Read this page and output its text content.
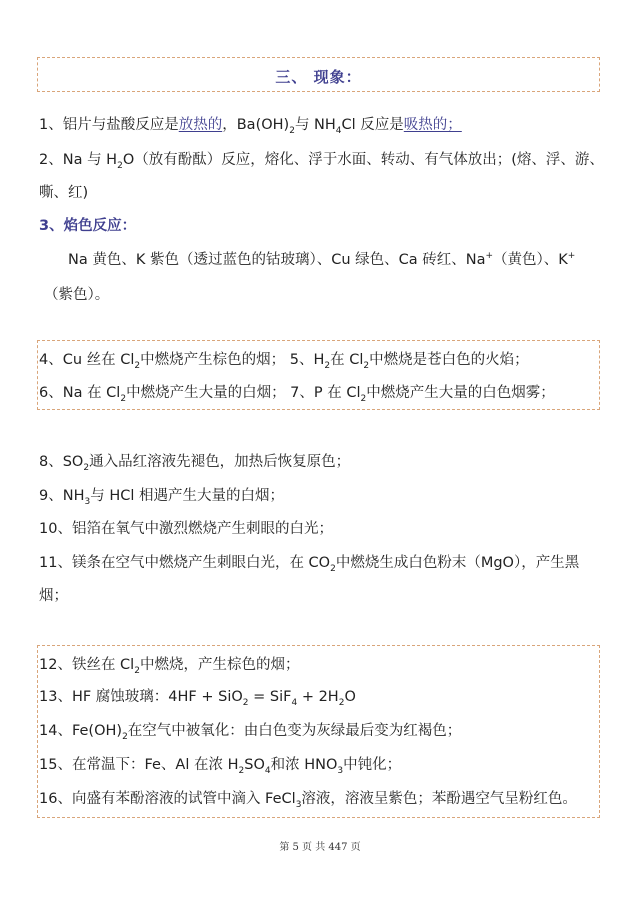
三、 现象：
1、铝片与盐酸反应是放热的，$Ba(OH)_2$与 $NH_4Cl$ 反应是吸热的；
2、Na 与 $H_2O$（放有酚酞）反应，熔化、浮于水面、转动、有气体放出；(熔、浮、游、
嘶、红)
3、焰色反应：
Na 黄色、K 紫色（透过蓝色的钴玻璃）、Cu 绿色、Ca 砖红、Na+（黄色）、K+
（紫色）。
4、Cu 丝在 $Cl_2$中燃烧产生棕色的烟； 5、$H_2$在 $Cl_2$中燃烧是苍白色的火焰；
6、Na 在 $Cl_2$中燃烧产生大量的白烟； 7、P 在 $Cl_2$中燃烧产生大量的白色烟雾；
8、$SO_2$通入品红溶液先褪色，加热后恢复原色；
9、$NH_3$与 HCl 相遇产生大量的白烟；
10、铝箔在氧气中激烈燃烧产生刺眼的白光；
11、镁条在空气中燃烧产生刺眼白光，在 $CO_2$中燃烧生成白色粉末（MgO），产生黑
烟；
12、铁丝在 $Cl_2$中燃烧，产生棕色的烟；
13、HF 腐蚀玻璃：$4HF + SiO_2 = SiF_4 + 2H_2O$
14、$Fe(OH)_2$在空气中被氧化：由白色变为灰绿最后变为红褐色；
15、在常温下：Fe、Al 在浓 $H_2SO_4$和浓 $HNO_3$中钝化；
16、向盛有苯酚溶液的试管中滴入 FeCl$_3$溶液，溶液呈紫色；苯酚遇空气呈粉红色。
第 5 页 共 447 页
